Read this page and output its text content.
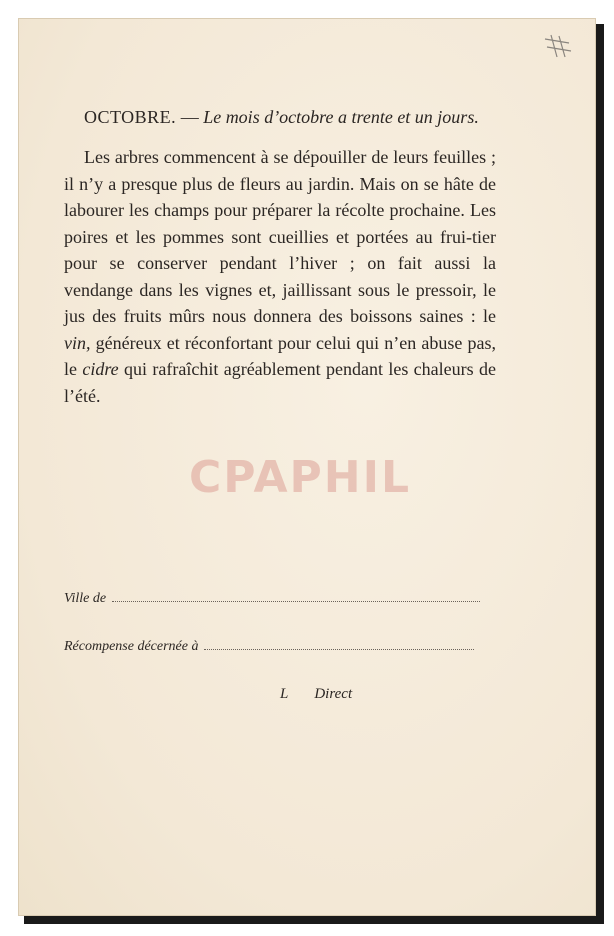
OCTOBRE. — Le mois d’octobre a trente et un jours.

Les arbres commencent à se dépouiller de leurs feuilles ; il n’y a presque plus de fleurs au jardin. Mais on se hâte de labourer les champs pour préparer la récolte prochaine. Les poires et les pommes sont cueillies et portées au frui-tier pour se conserver pendant l’hiver ; on fait aussi la vendange dans les vignes et, jaillissant sous le pressoir, le jus des fruits mûrs nous donnera des boissons saines : le vin, généreux et réconfortant pour celui qui n’en abuse pas, le cidre qui rafraîchit agréablement pendant les chaleurs de l’été.

CPAPHIL
Ville de
Récompense décernée à
L Direct
